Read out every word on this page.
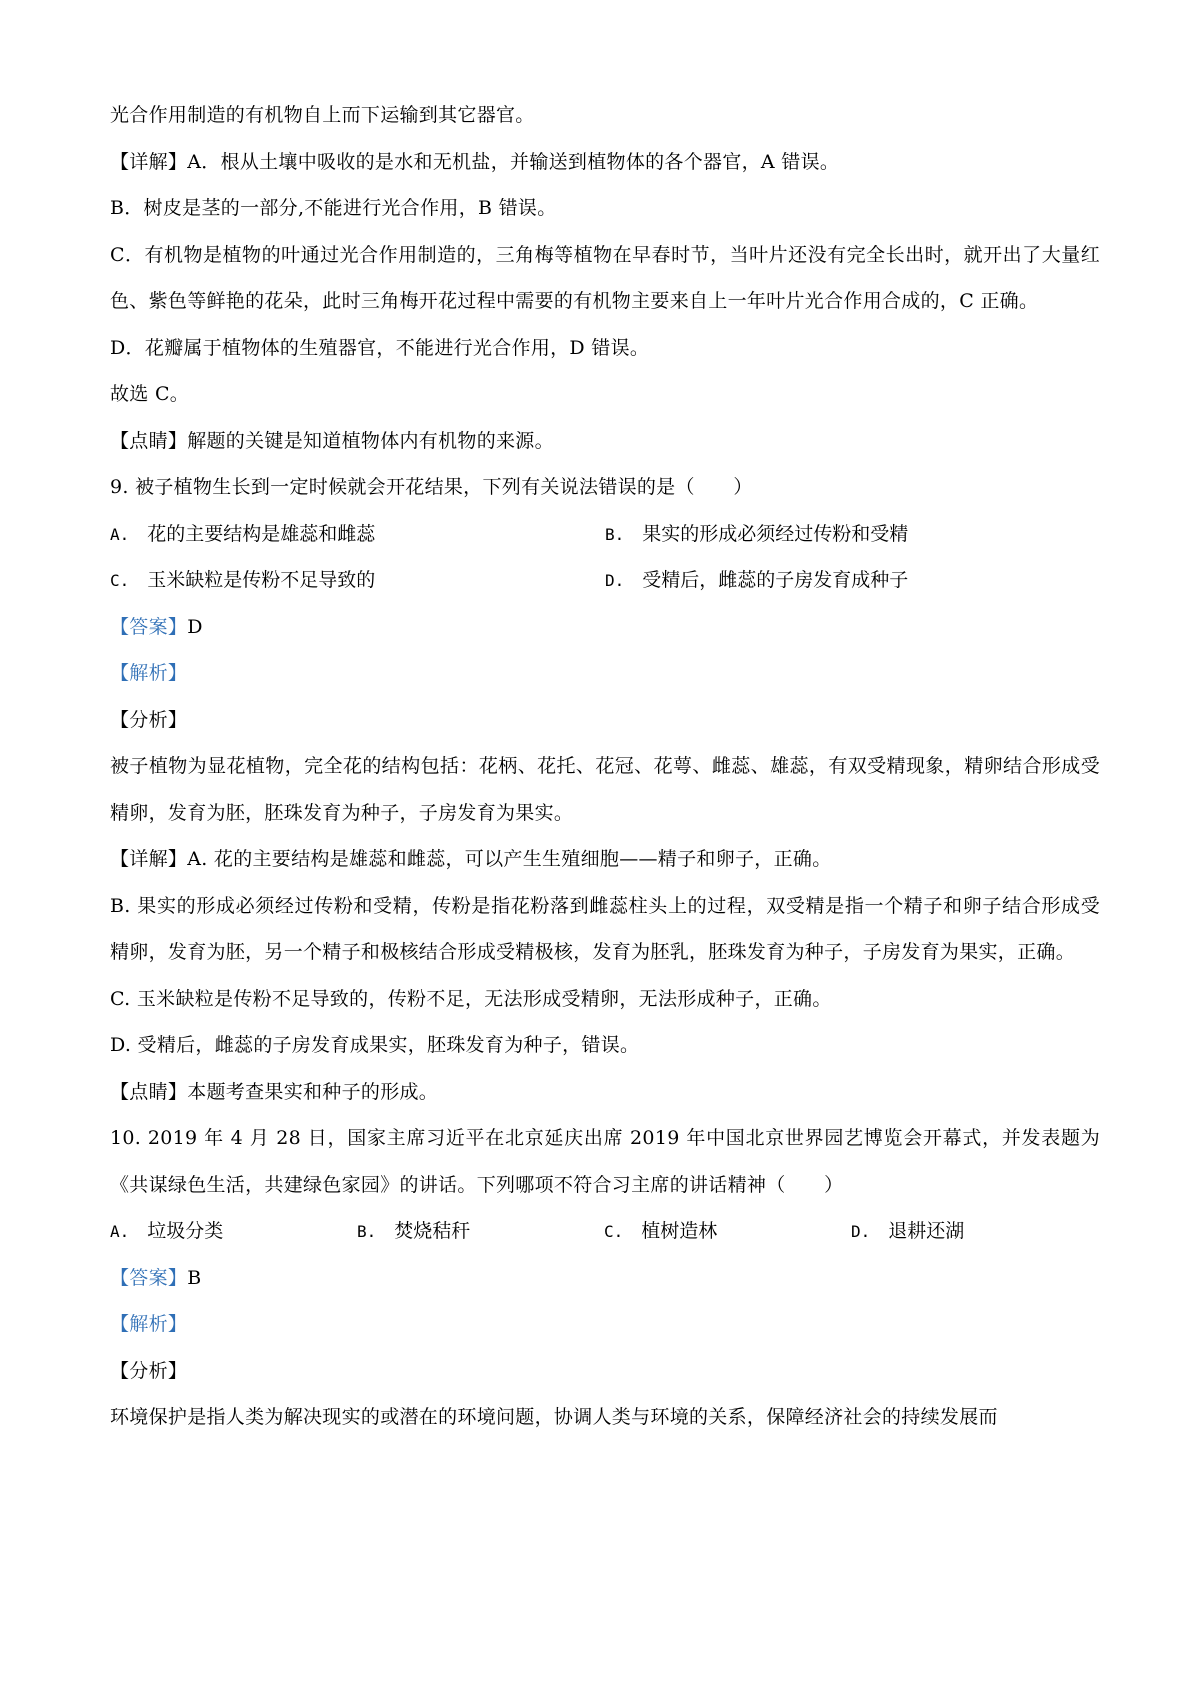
光合作用制造的有机物自上而下运输到其它器官。
【详解】A．根从土壤中吸收的是水和无机盐，并输送到植物体的各个器官，A 错误。
B．树皮是茎的一部分,不能进行光合作用，B 错误。
C．有机物是植物的叶通过光合作用制造的，三角梅等植物在早春时节，当叶片还没有完全长出时，就开出了大量红色、紫色等鲜艳的花朵，此时三角梅开花过程中需要的有机物主要来自上一年叶片光合作用合成的，C 正确。
D．花瓣属于植物体的生殖器官，不能进行光合作用，D 错误。
故选 C。
【点睛】解题的关键是知道植物体内有机物的来源。
9. 被子植物生长到一定时候就会开花结果，下列有关说法错误的是（　　）
A. 花的主要结构是雄蕊和雌蕊	B. 果实的形成必须经过传粉和受精
C. 玉米缺粒是传粉不足导致的	D. 受精后，雌蕊的子房发育成种子
【答案】D
【解析】
【分析】
被子植物为显花植物，完全花的结构包括：花柄、花托、花冠、花萼、雌蕊、雄蕊，有双受精现象，精卵结合形成受精卵，发育为胚，胚珠发育为种子，子房发育为果实。
【详解】A. 花的主要结构是雄蕊和雌蕊，可以产生生殖细胞——精子和卵子，正确。
B. 果实的形成必须经过传粉和受精，传粉是指花粉落到雌蕊柱头上的过程，双受精是指一个精子和卵子结合形成受精卵，发育为胚，另一个精子和极核结合形成受精极核，发育为胚乳，胚珠发育为种子，子房发育为果实，正确。
C. 玉米缺粒是传粉不足导致的，传粉不足，无法形成受精卵，无法形成种子，正确。
D. 受精后，雌蕊的子房发育成果实，胚珠发育为种子，错误。
【点睛】本题考查果实和种子的形成。
10. 2019 年 4 月 28 日，国家主席习近平在北京延庆出席 2019 年中国北京世界园艺博览会开幕式，并发表题为《共谋绿色生活，共建绿色家园》的讲话。下列哪项不符合习主席的讲话精神（　　）
A. 垃圾分类	B. 焚烧秸秆	C. 植树造林	D. 退耕还湖
【答案】B
【解析】
【分析】
环境保护是指人类为解决现实的或潜在的环境问题，协调人类与环境的关系，保障经济社会的持续发展而
